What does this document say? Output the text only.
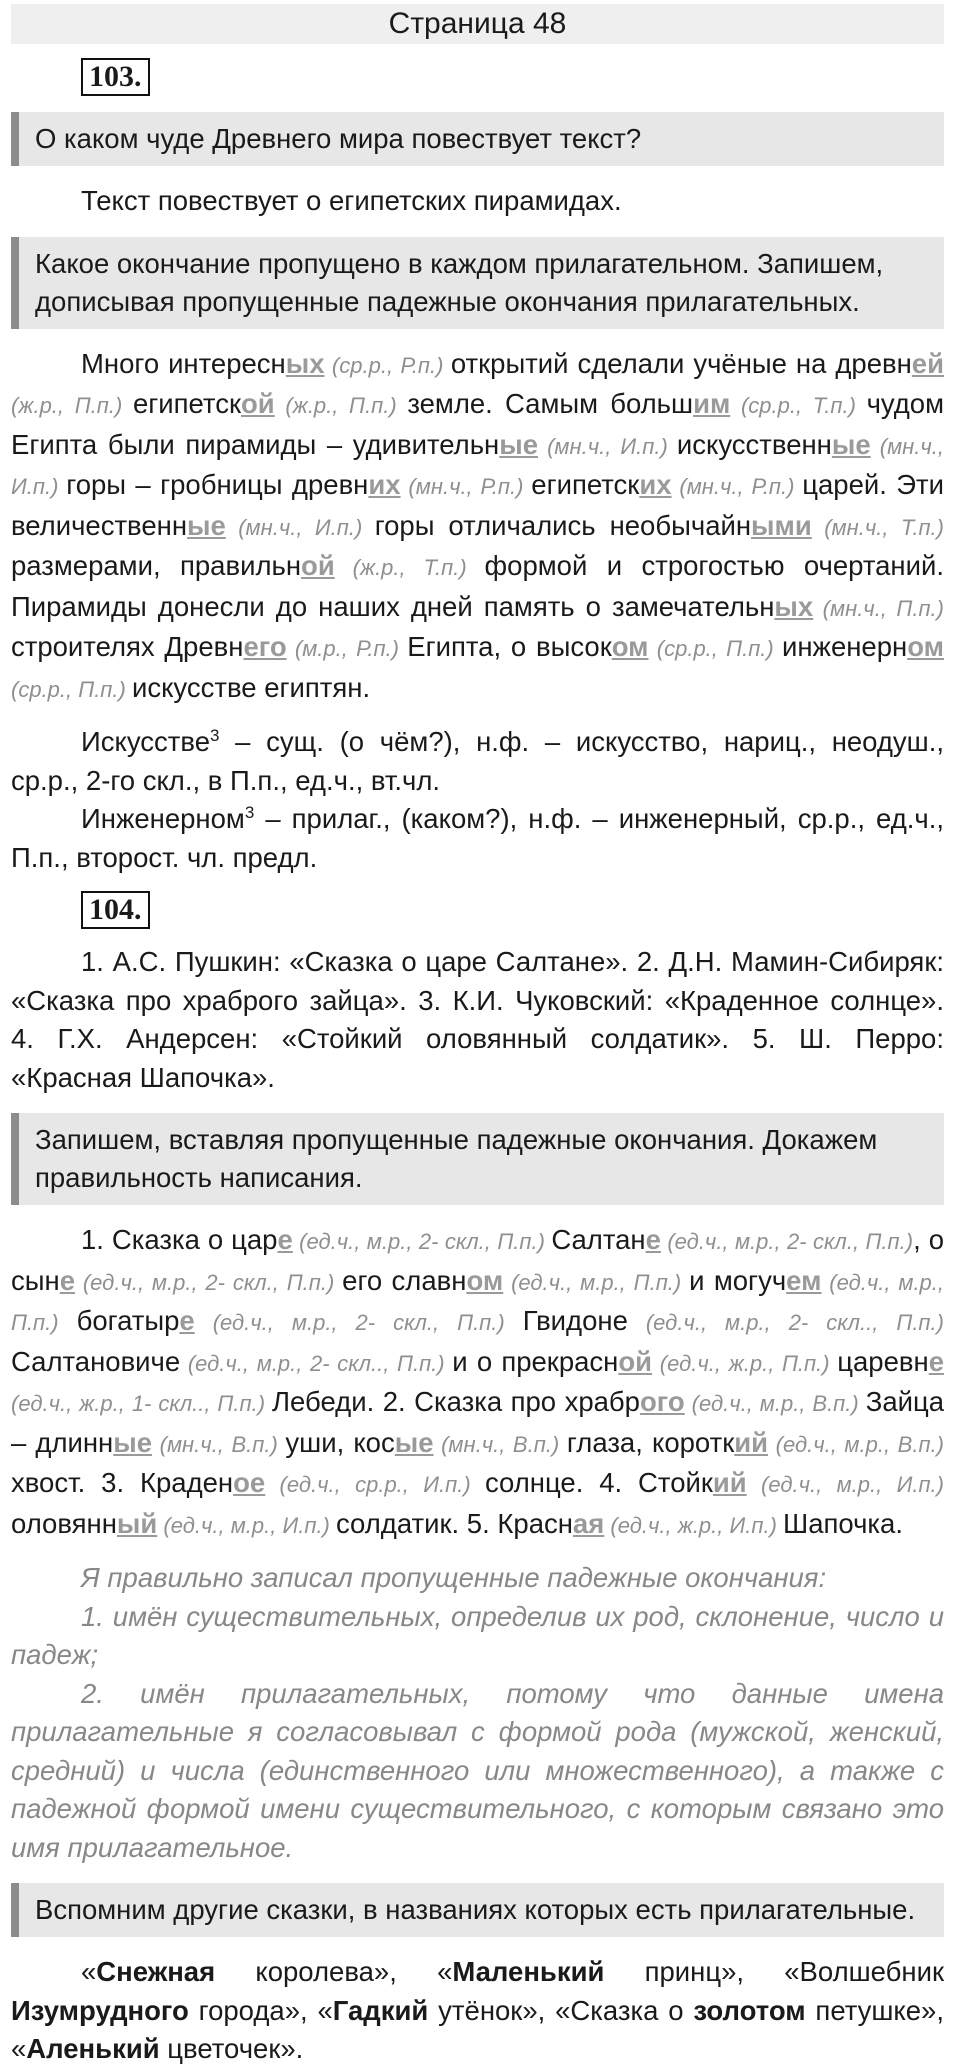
Страница 48
103.
О каком чуде Древнего мира повествует текст?

Текст повествует о египетских пирамидах.

Какое окончание пропущено в каждом прилагательном. Запишем, дописывая пропущенные падежные окончания прилагательных.

Много интересных (ср.р., Р.п.) открытий сделали учёные на древней (ж.р., П.п.) египетской (ж.р., П.п.) земле. Самым большим (ср.р., Т.п.) чудом Египта были пирамиды – удивительные (мн.ч., И.п.) искусственные (мн.ч., И.п.) горы – гробницы древних (мн.ч., Р.п.) египетских (мн.ч., Р.п.) царей. Эти величественные (мн.ч., И.п.) горы отличались необычайными (мн.ч., Т.п.) размерами, правильной (ж.р., Т.п.) формой и строгостью очертаний. Пирамиды донесли до наших дней память о замечательных (мн.ч., П.п.) строителях Древнего (м.р., Р.п.) Египта, о высоком (ср.р., П.п.) инженерном (ср.р., П.п.) искусстве египтян.

Искусстве$^3$ – сущ. (о чём?), н.ф. – искусство, нариц., неодуш., ср.р., 2-го скл., в П.п., ед.ч., вт.чл.

Инженерном$^3$ – прилаг., (каком?), н.ф. – инженерный, ср.р., ед.ч., П.п., второст. чл. предл.

104.

1. А.С. Пушкин: «Сказка о царе Салтане». 2. Д.Н. Мамин-Сибиряк: «Сказка про храброго зайца». 3. К.И. Чуковский: «Краденное солнце». 4. Г.Х. Андерсен: «Стойкий оловянный солдатик». 5. Ш. Перро: «Красная Шапочка».

Запишем, вставляя пропущенные падежные окончания. Докажем правильность написания.

1. Сказка о царе (ед.ч., м.р., 2- скл., П.п.) Салтане (ед.ч., м.р., 2- скл., П.п.), о сыне (ед.ч., м.р., 2- скл., П.п.) его славном (ед.ч., м.р., П.п.) и могучем (ед.ч., м.р., П.п.) богатыре (ед.ч., м.р., 2- скл., П.п.) Гвидоне (ед.ч., м.р., 2- скл.., П.п.) Салтановиче (ед.ч., м.р., 2- скл.., П.п.) и о прекрасной (ед.ч., ж.р., П.п.) царевне (ед.ч., ж.р., 1- скл.., П.п.) Лебеди. 2. Сказка про храброго (ед.ч., м.р., В.п.) Зайца – длинные (мн.ч., В.п.) уши, косые (мн.ч., В.п.) глаза, короткий (ед.ч., м.р., В.п.) хвост. 3. Краденое (ед.ч., ср.р., И.п.) солнце. 4. Стойкий (ед.ч., м.р., И.п.) оловянный (ед.ч., м.р., И.п.) солдатик. 5. Красная (ед.ч., ж.р., И.п.) Шапочка.

Я правильно записал пропущенные падежные окончания:

1. имён существительных, определив их род, склонение, число и падеж;

2. имён прилагательных, потому что данные имена прилагательные я согласовывал с формой рода (мужской, женский, средний) и числа (единственного или множественного), а также с падежной формой имени существительного, с которым связано это имя прилагательное.

Вспомним другие сказки, в названиях которых есть прилагательные.

«Снежная королева», «Маленький принц», «Волшебник Изумрудного города», «Гадкий утёнок», «Сказка о золотом петушке», «Аленький цветочек».
